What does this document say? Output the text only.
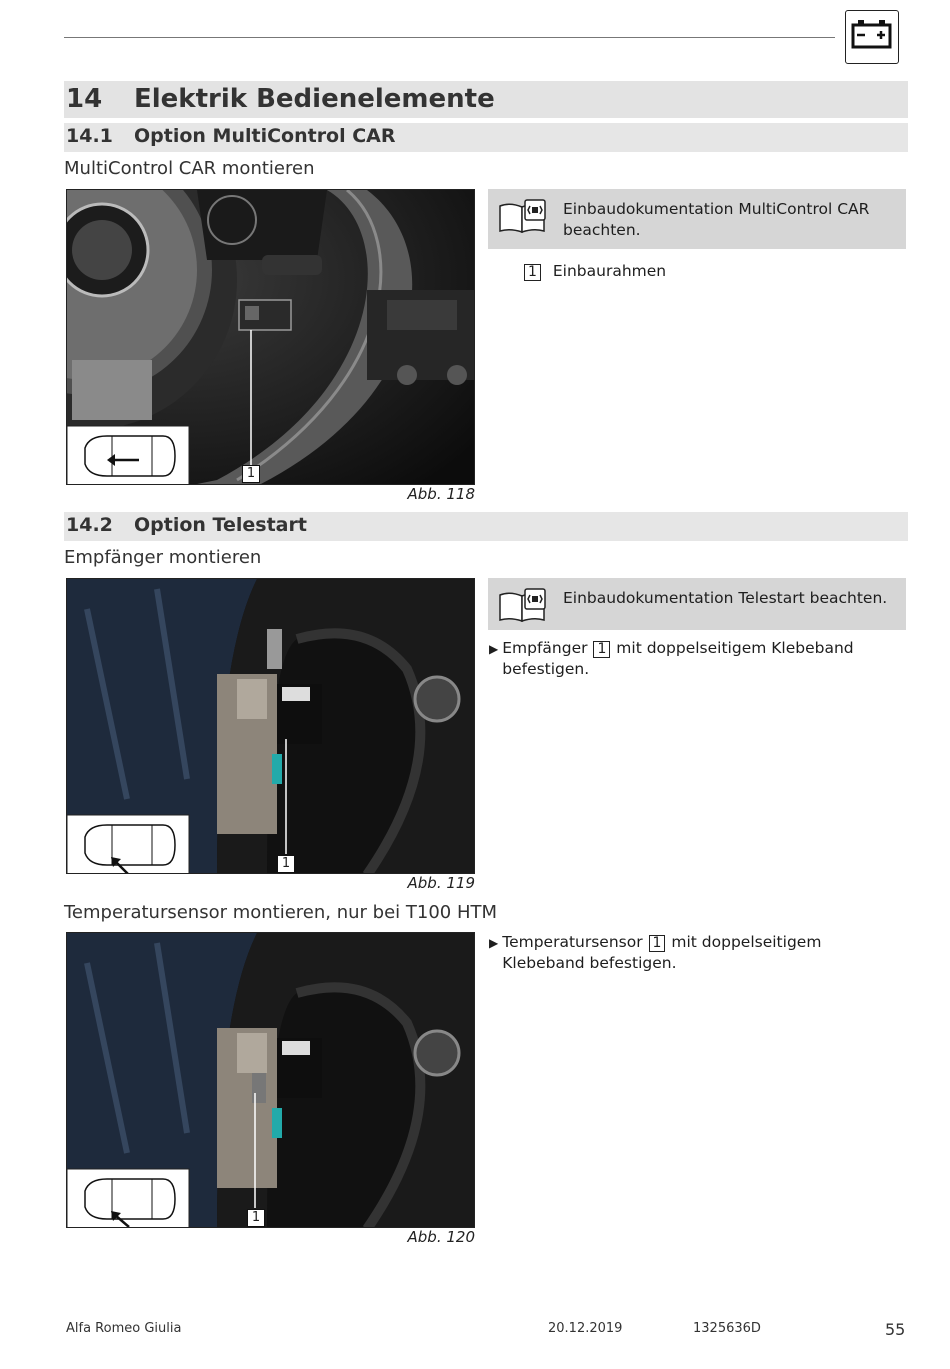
14 Elektrik Bedienelemente
14.1 Option MultiControl CAR
MultiControl CAR montieren
1
Abb. 118
Einbaudokumentation MultiControl CAR beachten.
1 Einbaurahmen
14.2 Option Telestart
Empfänger montieren
1
Abb. 119
Einbaudokumentation Telestart beachten.
▶ Empfänger 1 mit doppelseitigem Klebeband befestigen.
Temperatursensor montieren, nur bei T100 HTM
1
Abb. 120
▶ Temperatursensor 1 mit doppelseitigem Klebeband befestigen.
Alfa Romeo Giulia	20.12.2019	1325636D	55
